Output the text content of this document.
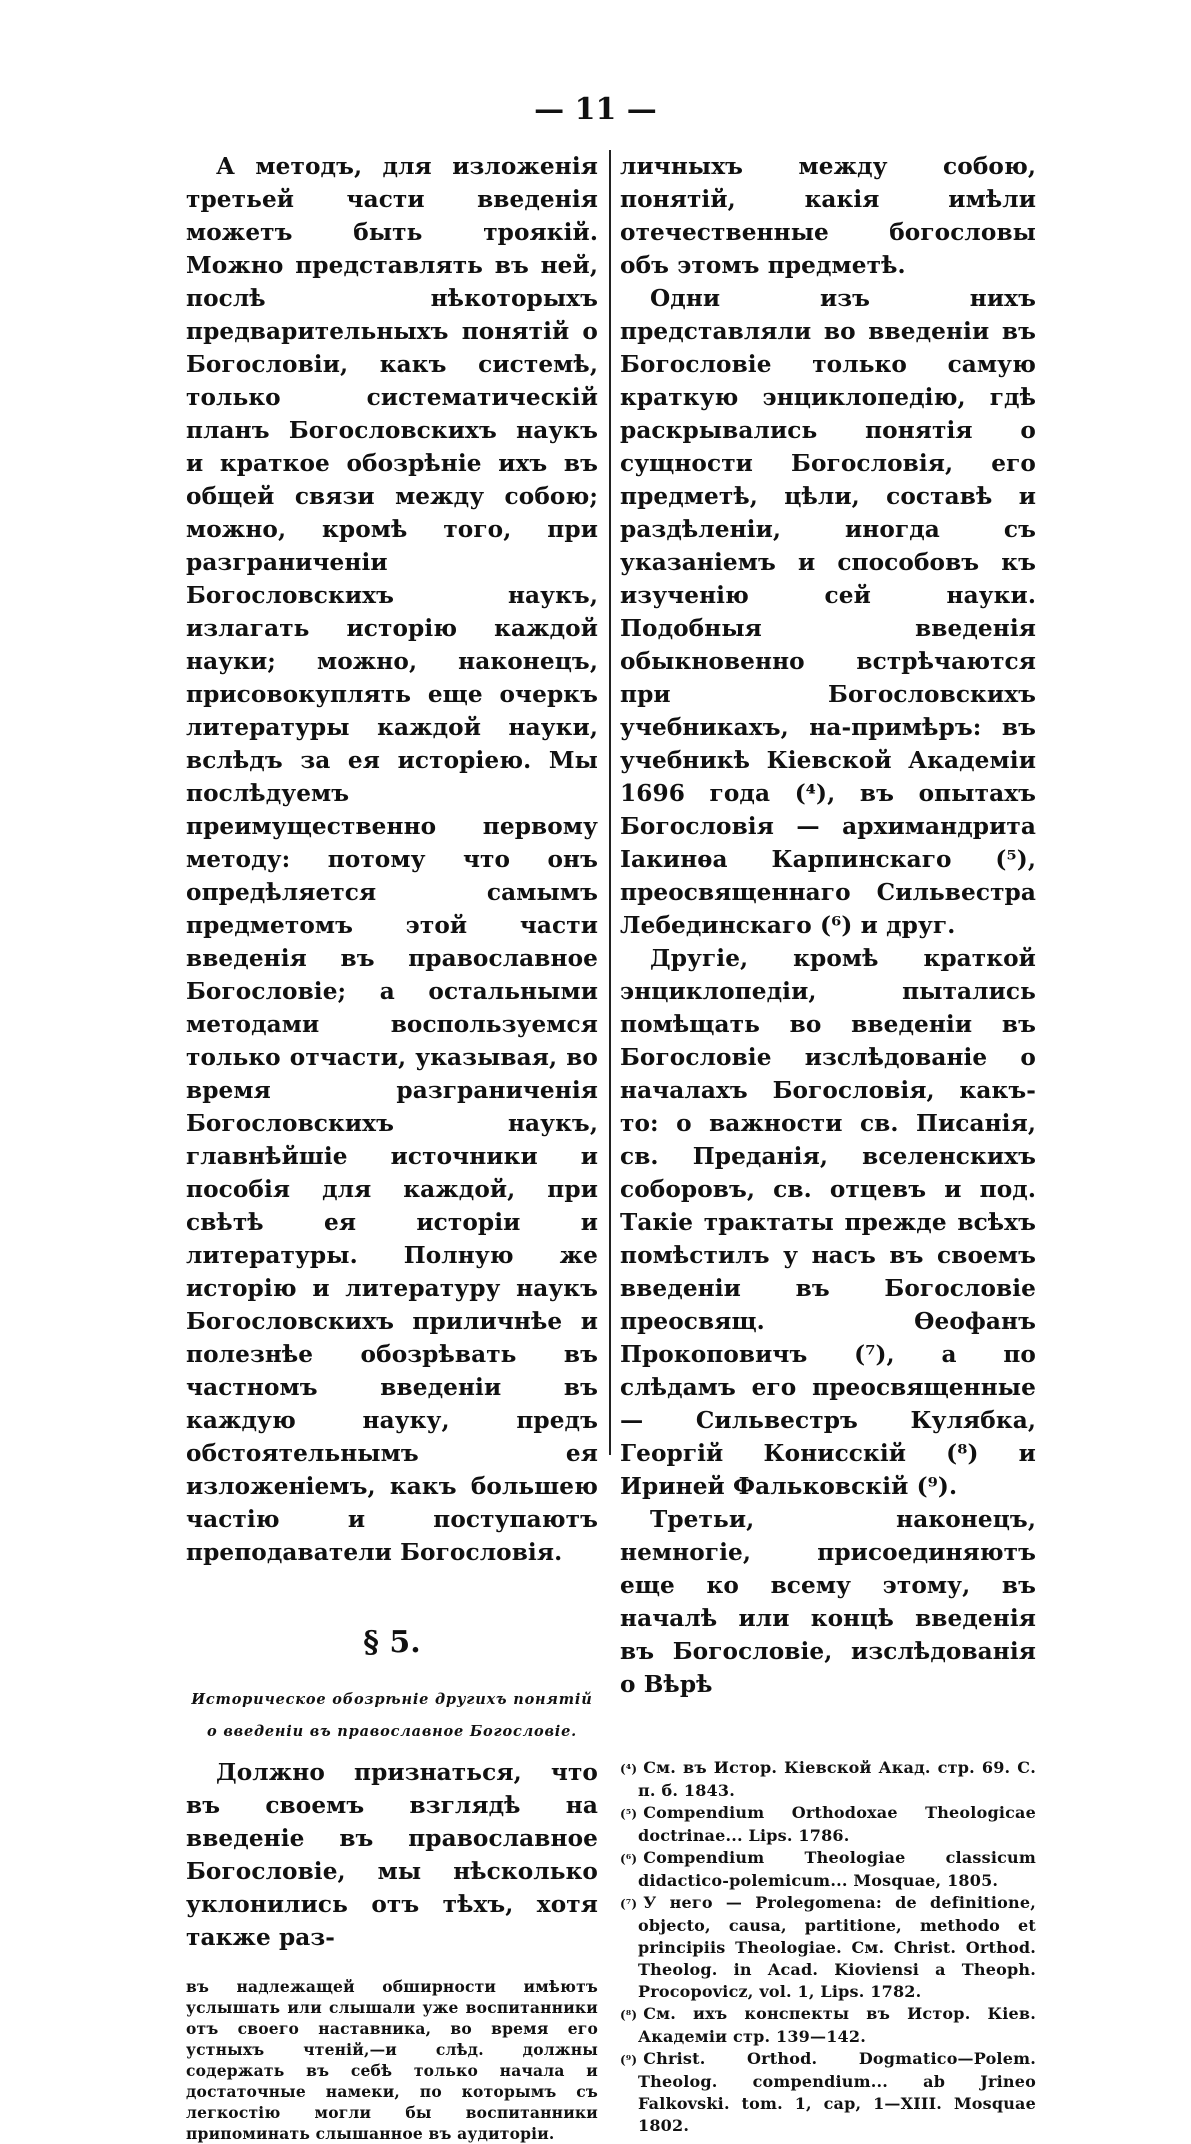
— 11 —

А методъ, для изложенія третьей части введенія можетъ быть троякій. Можно представлять въ ней, послѣ нѣкоторыхъ предварительныхъ понятій о Богословіи, какъ системѣ, только систематическій планъ Богословскихъ наукъ и краткое обозрѣніе ихъ въ общей связи между собою; можно, кромѣ того, при разграниченіи Богословскихъ наукъ, излагать исторію каждой науки; можно, наконецъ, присовокуплять еще очеркъ литературы каждой науки, вслѣдъ за ея исторіею. Мы послѣдуемъ преимущественно первому методу: потому что онъ опредѣляется самымъ предметомъ этой части введенія въ православное Богословіе; а остальными методами воспользуемся только отчасти, указывая, во время разграниченія Богословскихъ наукъ, главнѣйшіе источники и пособія для каждой, при свѣтѣ ея исторіи и литературы. Полную же исторію и литературу наукъ Богословскихъ приличнѣе и полезнѣе обозрѣвать въ частномъ введеніи въ каждую науку, предъ обстоятельнымъ ея изложеніемъ, какъ большею частію и поступаютъ преподаватели Богословія.

§ 5.
Историческое обозрѣніе другихъ понятій о введеніи въ православное Богословіе.

Должно признаться, что въ своемъ взглядѣ на введеніе въ православное Богословіе, мы нѣсколько уклонились отъ тѣхъ, хотя также раз-

въ надлежащей обширности имѣютъ услышать или слышали уже воспитанники отъ своего наставника, во время его устныхъ чтеній,—и слѣд. должны содержать въ себѣ только начала и достаточные намеки, по которымъ съ легкостію могли бы воспитанники припоминать слышанное въ аудиторіи.

личныхъ между собою, понятій, какія имѣли отечественные богословы объ этомъ предметѣ.

Одни изъ нихъ представляли во введеніи въ Богословіе только самую краткую энциклопедію, гдѣ раскрывались понятія о сущности Богословія, его предметѣ, цѣли, составѣ и раздѣленіи, иногда съ указаніемъ и способовъ къ изученію сей науки. Подобныя введенія обыкновенно встрѣчаются при Богословскихъ учебникахъ, на-примѣръ: въ учебникѣ Кіевской Академіи 1696 года (⁴), въ опытахъ Богословія — архимандрита Іакинѳа Карпинскаго (⁵), преосвященнаго Сильвестра Лебединскаго (⁶) и друг.

Другіе, кромѣ краткой энциклопедіи, пытались помѣщать во введеніи въ Богословіе изслѣдованіе о началахъ Богословія, какъ-то: о важности св. Писанія, св. Преданія, вселенскихъ соборовъ, св. отцевъ и под. Такіе трактаты прежде всѣхъ помѣстилъ у насъ въ своемъ введеніи въ Богословіе преосвящ. Ѳеофанъ Прокоповичъ (⁷), а по слѣдамъ его преосвященные — Сильвестръ Кулябка, Георгій Конисскій (⁸) и Ириней Фальковскій (⁹).

Третьи, наконецъ, немногіе, присоединяютъ еще ко всему этому, въ началѣ или концѣ введенія въ Богословіе, изслѣдованія о Вѣрѣ

(⁴) См. въ Истор. Кіевской Акад. стр. 69. С. п. б. 1843.

(⁵) Compendium Orthodoxae Theologicae doctrinae... Lips. 1786.

(⁶) Compendium Theologiae classicum didactico-polemicum... Mosquae, 1805.

(⁷) У него — Prolegomena: de definitione, objecto, causa, partitione, methodo et principiis Theologiae. См. Christ. Orthod. Theolog. in Acad. Kioviensi a Theoph. Procopovicz, vol. 1, Lips. 1782.

(⁸) См. ихъ конспекты въ Истор. Кіев. Академіи стр. 139—142.

(⁹) Christ. Orthod. Dogmatico—Polem. Theolog. compendium... ab Jrineo Falkovski. tom. 1, cap, 1—XIII. Mosquae 1802.
